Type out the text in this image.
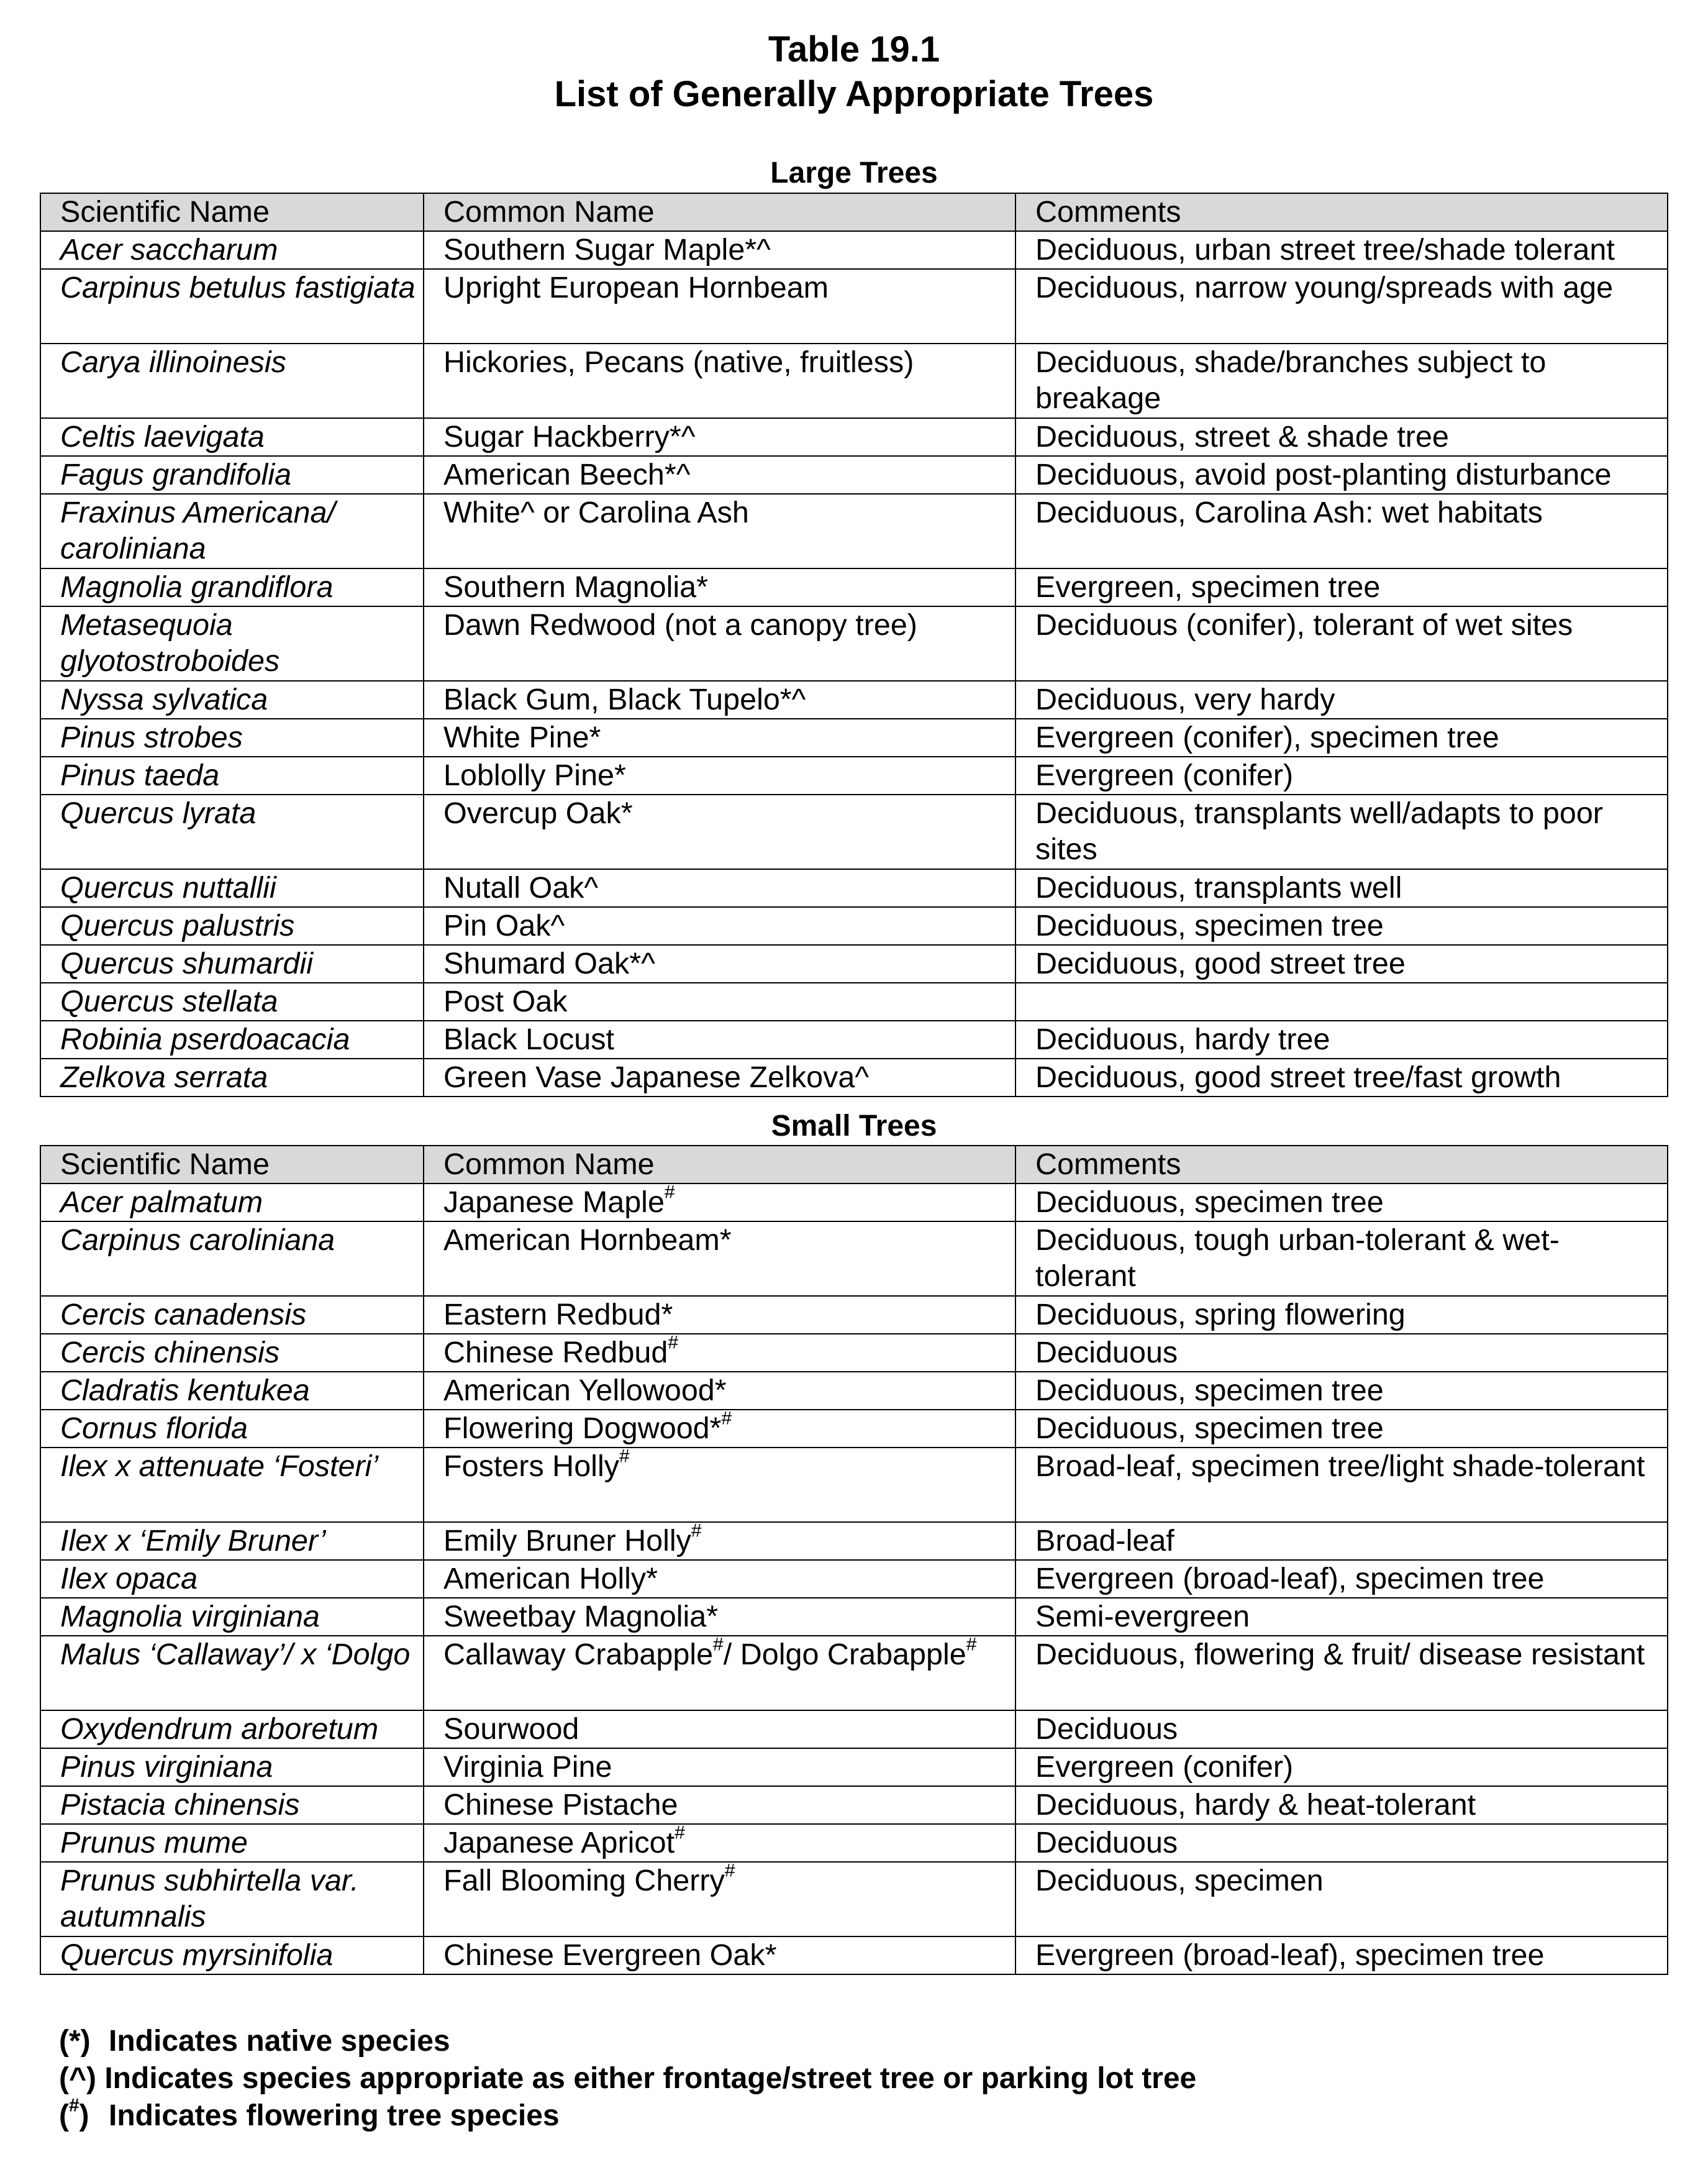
Table 19.1
List of Generally Appropriate Trees
Large Trees
Scientific Name	Common Name	Comments
Acer saccharum	Southern Sugar Maple*^	Deciduous, urban street tree/shade tolerant
Carpinus betulus fastigiata	Upright European Hornbeam	Deciduous, narrow young/spreads with age
Carya illinoinesis	Hickories, Pecans (native, fruitless)	Deciduous, shade/branches subject to breakage
Celtis laevigata	Sugar Hackberry*^	Deciduous, street & shade tree
Fagus grandifolia	American Beech*^	Deciduous, avoid post-planting disturbance
Fraxinus Americana/ caroliniana	White^ or Carolina Ash	Deciduous, Carolina Ash: wet habitats
Magnolia grandiflora	Southern Magnolia*	Evergreen, specimen tree
Metasequoia glyotostroboides	Dawn Redwood (not a canopy tree)	Deciduous (conifer), tolerant of wet sites
Nyssa sylvatica	Black Gum, Black Tupelo*^	Deciduous, very hardy
Pinus strobes	White Pine*	Evergreen (conifer), specimen tree
Pinus taeda	Loblolly Pine*	Evergreen (conifer)
Quercus lyrata	Overcup Oak*	Deciduous, transplants well/adapts to poor sites
Quercus nuttallii	Nutall Oak^	Deciduous, transplants well
Quercus palustris	Pin Oak^	Deciduous, specimen tree
Quercus shumardii	Shumard Oak*^	Deciduous, good street tree
Quercus stellata	Post Oak	
Robinia pserdoacacia	Black Locust	Deciduous, hardy tree
Zelkova serrata	Green Vase Japanese Zelkova^	Deciduous, good street tree/fast growth
Small Trees
Scientific Name	Common Name	Comments
Acer palmatum	Japanese Maple#	Deciduous, specimen tree
Carpinus caroliniana	American Hornbeam*	Deciduous, tough urban-tolerant & wet-tolerant
Cercis canadensis	Eastern Redbud*	Deciduous, spring flowering
Cercis chinensis	Chinese Redbud#	Deciduous
Cladratis kentukea	American Yellowood*	Deciduous, specimen tree
Cornus florida	Flowering Dogwood*#	Deciduous, specimen tree
Ilex x attenuate ‘Fosteri’	Fosters Holly#	Broad-leaf, specimen tree/light shade-tolerant
Ilex x ‘Emily Bruner’	Emily Bruner Holly#	Broad-leaf
Ilex opaca	American Holly*	Evergreen (broad-leaf), specimen tree
Magnolia virginiana	Sweetbay Magnolia*	Semi-evergreen
Malus ‘Callaway’/ x ‘Dolgo	Callaway Crabapple#/ Dolgo Crabapple#	Deciduous, flowering & fruit/ disease resistant
Oxydendrum arboretum	Sourwood	Deciduous
Pinus virginiana	Virginia Pine	Evergreen (conifer)
Pistacia chinensis	Chinese Pistache	Deciduous, hardy & heat-tolerant
Prunus mume	Japanese Apricot#	Deciduous
Prunus subhirtella var. autumnalis	Fall Blooming Cherry#	Deciduous, specimen
Quercus myrsinifolia	Chinese Evergreen Oak*	Evergreen (broad-leaf), specimen tree
(*) Indicates native species
(^) Indicates species appropriate as either frontage/street tree or parking lot tree
(#) Indicates flowering tree species
